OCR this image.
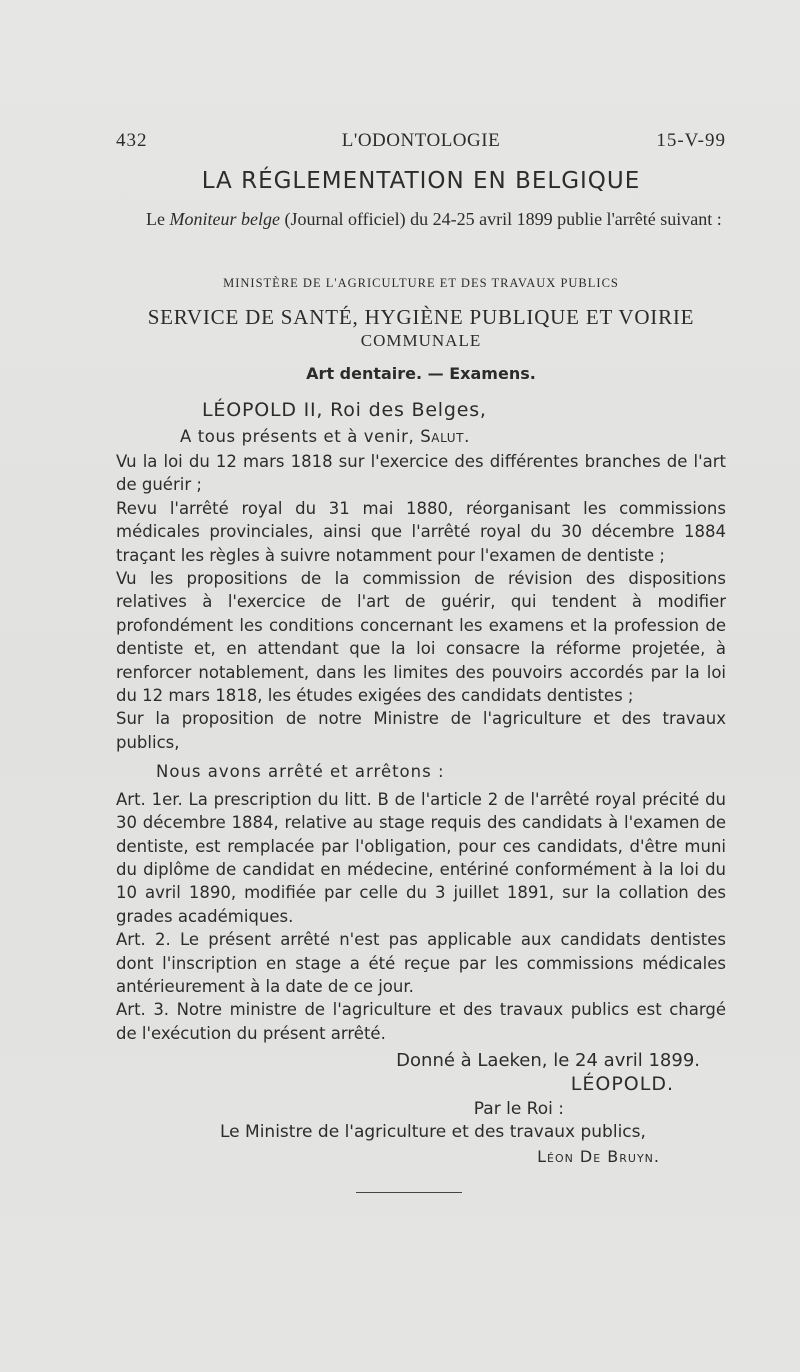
432	L'ODONTOLOGIE	15-V-99
LA RÉGLEMENTATION EN BELGIQUE
Le Moniteur belge (Journal officiel) du 24-25 avril 1899 publie l'arrêté suivant :
MINISTÈRE DE L'AGRICULTURE ET DES TRAVAUX PUBLICS
SERVICE DE SANTÉ, HYGIÈNE PUBLIQUE ET VOIRIE
COMMUNALE
Art dentaire. — Examens.

LÉOPOLD II, Roi des Belges,

A tous présents et à venir, Salut.

Vu la loi du 12 mars 1818 sur l'exercice des différentes branches de l'art de guérir ;

Revu l'arrêté royal du 31 mai 1880, réorganisant les commissions médicales provinciales, ainsi que l'arrêté royal du 30 décembre 1884 traçant les règles à suivre notamment pour l'examen de dentiste ;

Vu les propositions de la commission de révision des dispositions relatives à l'exercice de l'art de guérir, qui tendent à modifier profondément les conditions concernant les examens et la profession de dentiste et, en attendant que la loi consacre la réforme projetée, à renforcer notablement, dans les limites des pouvoirs accordés par la loi du 12 mars 1818, les études exigées des candidats dentistes ;

Sur la proposition de notre Ministre de l'agriculture et des travaux publics,

Nous avons arrêté et arrêtons :

Art. 1er. La prescription du litt. B de l'article 2 de l'arrêté royal précité du 30 décembre 1884, relative au stage requis des candidats à l'examen de dentiste, est remplacée par l'obligation, pour ces candidats, d'être muni du diplôme de candidat en médecine, entériné conformément à la loi du 10 avril 1890, modifiée par celle du 3 juillet 1891, sur la collation des grades académiques.

Art. 2. Le présent arrêté n'est pas applicable aux candidats dentistes dont l'inscription en stage a été reçue par les commissions médicales antérieurement à la date de ce jour.

Art. 3. Notre ministre de l'agriculture et des travaux publics est chargé de l'exécution du présent arrêté.

Donné à Laeken, le 24 avril 1899.

LÉOPOLD.

Par le Roi :

Le Ministre de l'agriculture et des travaux publics,

Léon De Bruyn.
